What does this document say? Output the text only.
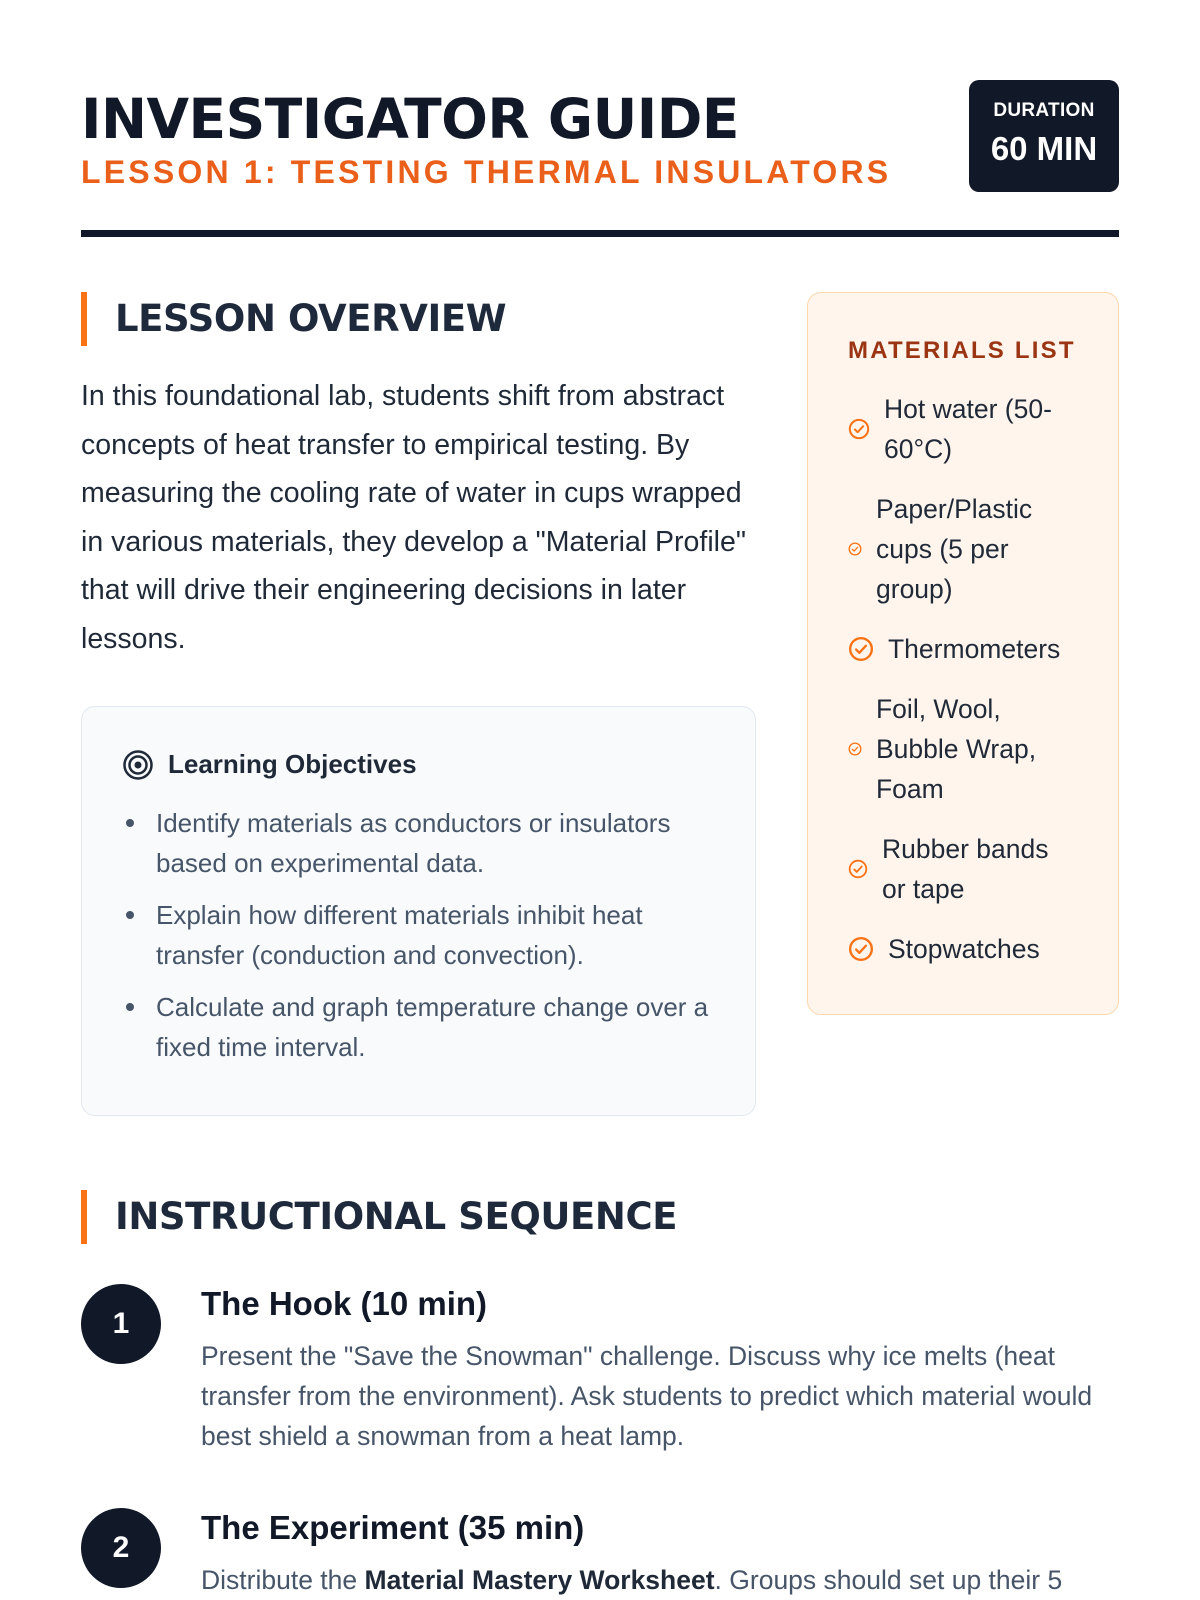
INVESTIGATOR GUIDE
LESSON 1: TESTING THERMAL INSULATORS
DURATION
60 MIN
LESSON OVERVIEW

In this foundational lab, students shift from abstract concepts of heat transfer to empirical testing. By measuring the cooling rate of water in cups wrapped in various materials, they develop a "Material Profile" that will drive their engineering decisions in later lessons.

Learning Objectives
Identify materials as conductors or insulators based on experimental data.
Explain how different materials inhibit heat transfer (conduction and convection).
Calculate and graph temperature change over a fixed time interval.
MATERIALS LIST
Hot water (50-60°C)
Paper/Plastic cups (5 per group)
Thermometers
Foil, Wool, Bubble Wrap, Foam
Rubber bands or tape
Stopwatches
INSTRUCTIONAL SEQUENCE
1
The Hook (10 min)

Present the "Save the Snowman" challenge. Discuss why ice melts (heat transfer from the environment). Ask students to predict which material would best shield a snowman from a heat lamp.

2
The Experiment (35 min)

Distribute the Material Mastery Worksheet. Groups should set up their 5
